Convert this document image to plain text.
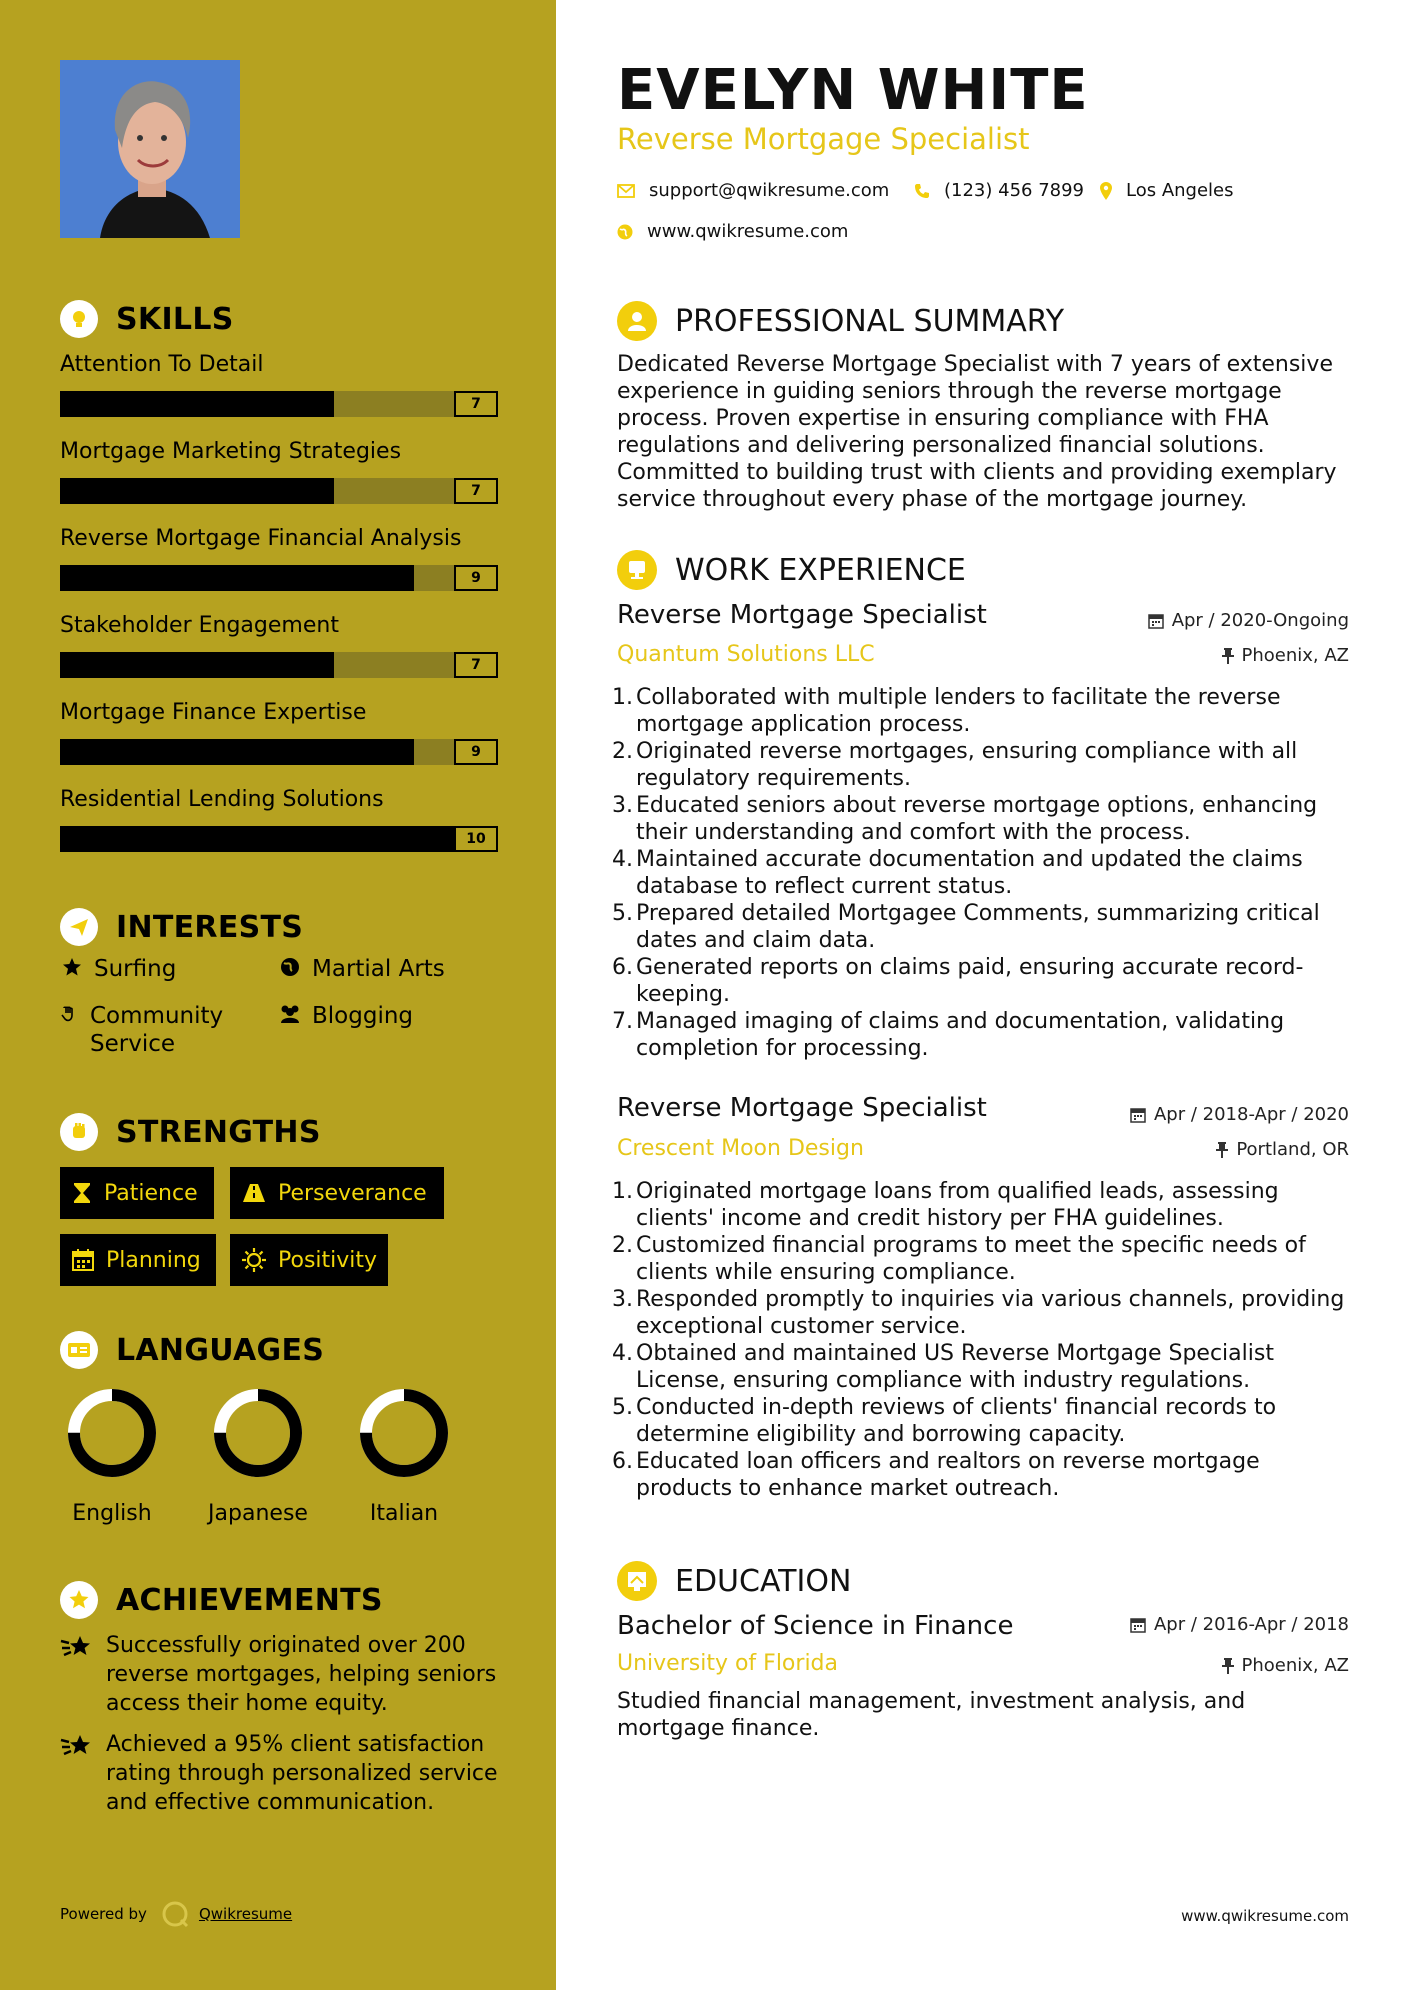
SKILLS
Attention To Detail
7
Mortgage Marketing Strategies
7
Reverse Mortgage Financial Analysis
9
Stakeholder Engagement
7
Mortgage Finance Expertise
9
Residential Lending Solutions
10
INTERESTS
Surfing	Martial Arts
Community Service
Blogging
STRENGTHS
Patience	Perseverance
Planning	Positivity
LANGUAGES
English	Japanese	Italian
ACHIEVEMENTS
Successfully originated over 200 reverse mortgages, helping seniors access their home equity.
Achieved a 95% client satisfaction rating through personalized service and effective communication.
Powered by	Qwikresume
EVELYN WHITE
Reverse Mortgage Specialist
support@qwikresume.com	(123) 456 7899 Los Angeles
www.qwikresume.com
PROFESSIONAL SUMMARY
Dedicated Reverse Mortgage Specialist with 7 years of extensive experience in guiding seniors through the reverse mortgage process. Proven expertise in ensuring compliance with FHA regulations and delivering personalized financial solutions. Committed to building trust with clients and providing exemplary service throughout every phase of the mortgage journey.
WORK EXPERIENCE
Reverse Mortgage Specialist	Apr / 2020-Ongoing
Quantum Solutions LLC	Phoenix, AZ
Collaborated with multiple lenders to facilitate the reverse mortgage application process.
Originated reverse mortgages, ensuring compliance with all regulatory requirements.
Educated seniors about reverse mortgage options, enhancing their understanding and comfort with the process.
Maintained accurate documentation and updated the claims database to reflect current status.
Prepared detailed Mortgagee Comments, summarizing critical dates and claim data.
Generated reports on claims paid, ensuring accurate record-keeping.
Managed imaging of claims and documentation, validating completion for processing.
Reverse Mortgage Specialist	Apr / 2018-Apr / 2020
Crescent Moon Design	Portland, OR
Originated mortgage loans from qualified leads, assessing clients' income and credit history per FHA guidelines.
Customized financial programs to meet the specific needs of clients while ensuring compliance.
Responded promptly to inquiries via various channels, providing exceptional customer service.
Obtained and maintained US Reverse Mortgage Specialist License, ensuring compliance with industry regulations.
Conducted in-depth reviews of clients' financial records to determine eligibility and borrowing capacity.
Educated loan officers and realtors on reverse mortgage products to enhance market outreach.
EDUCATION
Bachelor of Science in Finance	Apr / 2016-Apr / 2018
University of Florida	Phoenix, AZ
Studied financial management, investment analysis, and mortgage finance.
www.qwikresume.com
